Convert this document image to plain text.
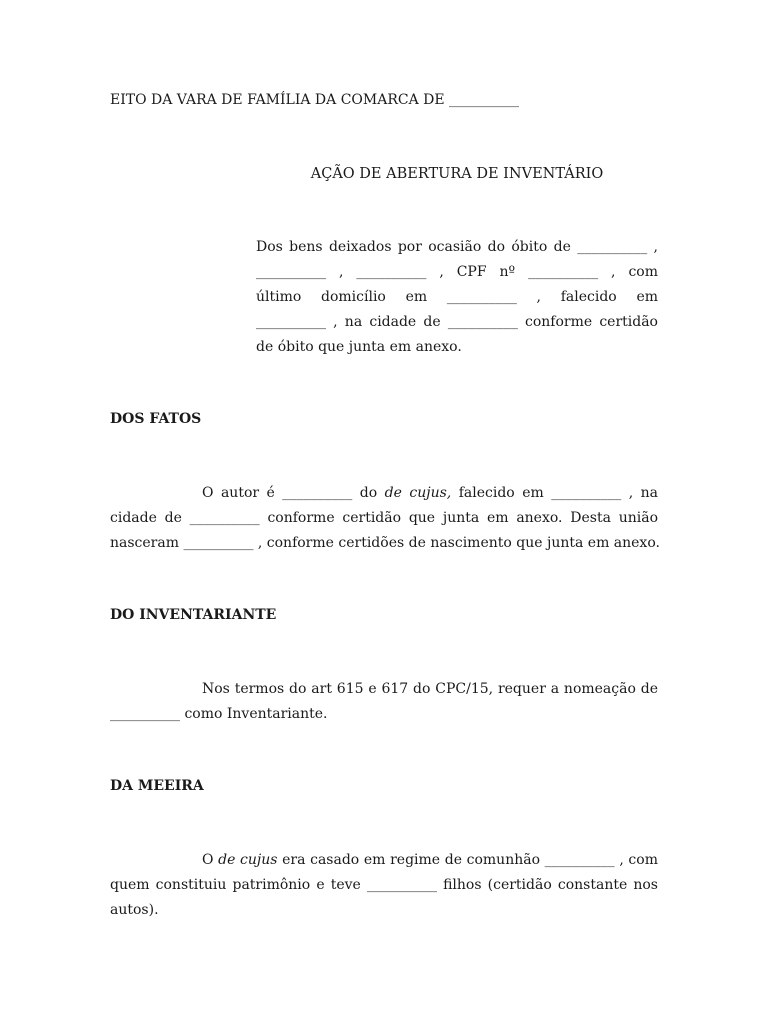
EITO DA VARA DE FAMÍLIA DA COMARCA DE __________
AÇÃO DE ABERTURA DE INVENTÁRIO
Dos bens deixados por ocasião do óbito de __________ ,
__________ , __________ , CPF nº __________ , com
último domicílio em __________ , falecido em
__________ , na cidade de __________ conforme certidão
de óbito que junta em anexo.
DOS FATOS
O autor é __________ do de cujus, falecido em __________ , na
cidade de __________ conforme certidão que junta em anexo. Desta união
nasceram __________ , conforme certidões de nascimento que junta em anexo.
DO INVENTARIANTE
Nos termos do art 615 e 617 do CPC/15, requer a nomeação de
__________ como Inventariante.
DA MEEIRA
O de cujus era casado em regime de comunhão __________ , com
quem constituiu patrimônio e teve __________ filhos (certidão constante nos
autos).
